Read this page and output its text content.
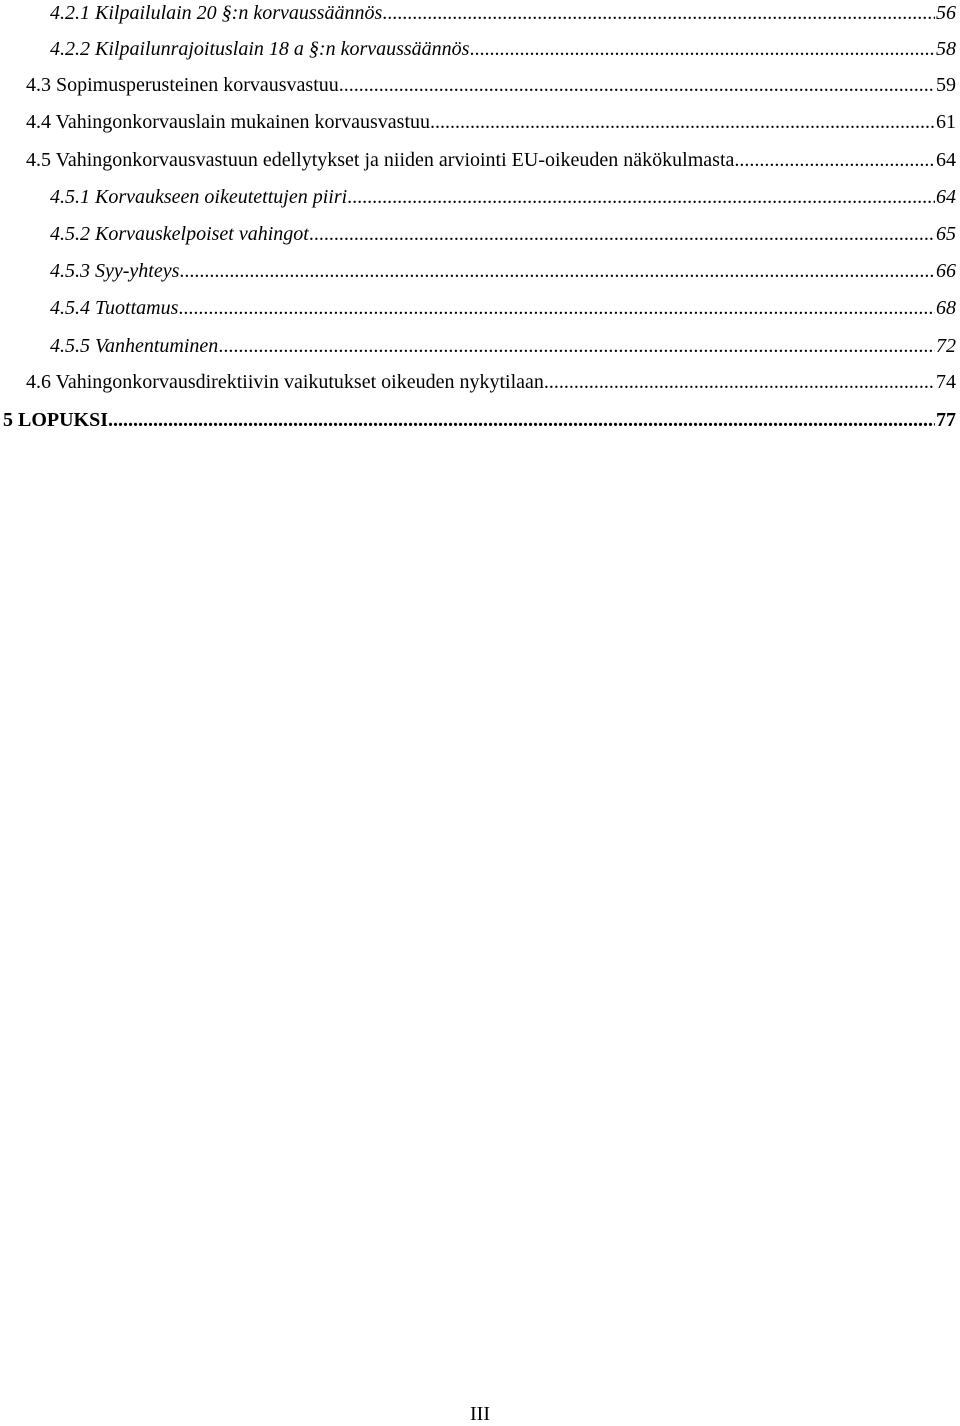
4.2.1 Kilpailulain 20 §:n korvaussäännös .....	56
4.2.2 Kilpailunrajoituslain 18 a §:n korvaussäännös .....	58
4.3 Sopimusperusteinen korvausvastuu .....	59
4.4 Vahingonkorvauslain mukainen korvausvastuu .....	61
4.5 Vahingonkorvausvastuun edellytykset ja niiden arviointi EU-oikeuden näkökulmasta .....	64
4.5.1 Korvaukseen oikeutettujen piiri .....	64
4.5.2 Korvauskelpoiset vahingot .....	65
4.5.3 Syy-yhteys .....	66
4.5.4 Tuottamus .....	68
4.5.5 Vanhentuminen .....	72
4.6 Vahingonkorvausdirektiivin vaikutukset oikeuden nykytilaan .....	74
5 LOPUKSI .....	77
III
